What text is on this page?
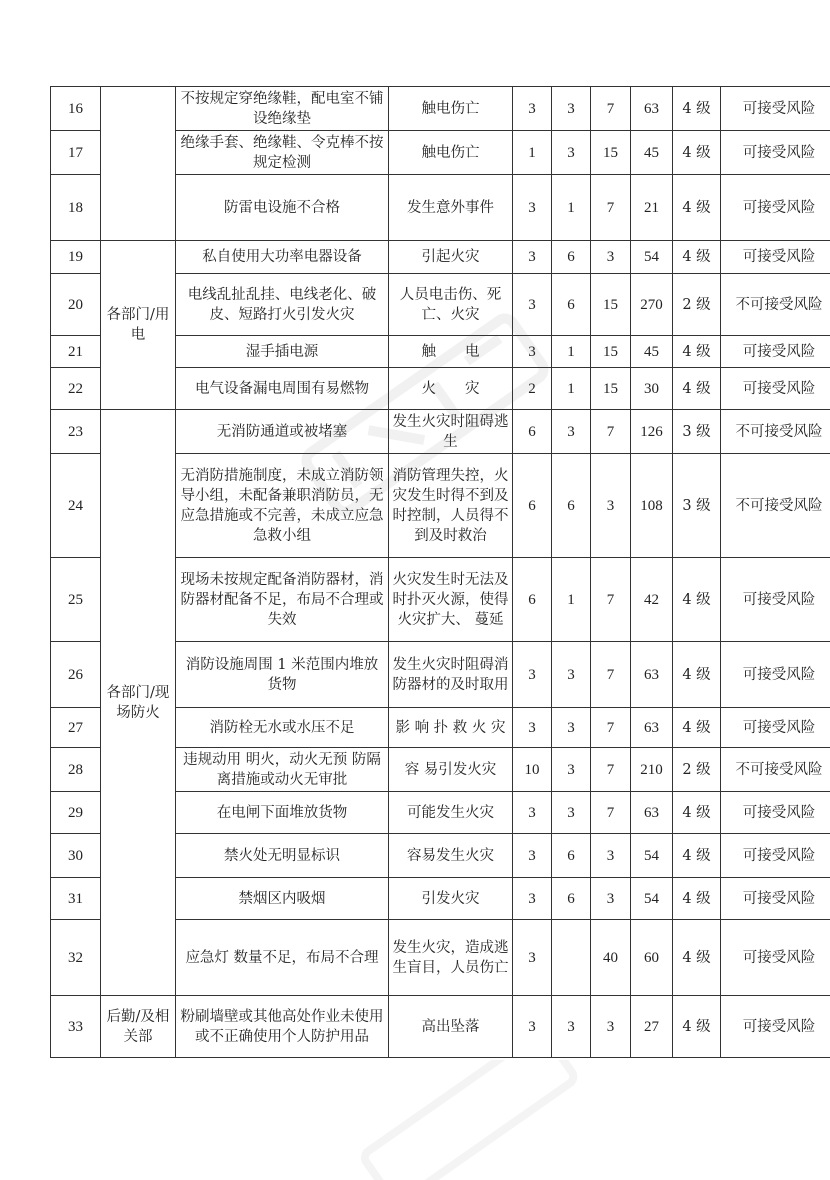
16		不按规定穿绝缘鞋，配电室不铺设绝缘垫	触电伤亡	3	3	7	63	4 级	可接受风险
17		绝缘手套、绝缘鞋、令克棒不按规定检测	触电伤亡	1	3	15	45	4 级	可接受风险
18		防雷电设施不合格	发生意外事件	3	1	7	21	4 级	可接受风险
19	各部门/用电	私自使用大功率电器设备	引起火灾	3	6	3	54	4 级	可接受风险
20		电线乱扯乱挂、电线老化、破皮、短路打火引发火灾	人员电击伤、死亡、火灾	3	6	15	270	2 级	不可接受风险
21		湿手插电源	触　　电	3	1	15	45	4 级	可接受风险
22		电气设备漏电周围有易燃物	火　　灾	2	1	15	30	4 级	可接受风险
23	各部门/现场防火	无消防通道或被堵塞	发生火灾时阻碍逃生	6	3	7	126	3 级	不可接受风险
24		无消防措施制度，未成立消防领导小组，未配备兼职消防员，无应急措施或不完善，未成立应急急救小组	消防管理失控，火灾发生时得不到及时控制，人员得不到及时救治	6	6	3	108	3 级	不可接受风险
25		现场未按规定配备消防器材，消防器材配备不足，布局不合理或失效	火灾发生时无法及时扑灭火源，使得火灾扩大、 蔓延	6	1	7	42	4 级	可接受风险
26		消防设施周围 1 米范围内堆放货物	发生火灾时阻碍消防器材的及时取用	3	3	7	63	4 级	可接受风险
27		消防栓无水或水压不足	影 响 扑 救 火 灾	3	3	7	63	4 级	可接受风险
28		违规动用 明火，动火无预 防隔离措施或动火无审批	容 易引发火灾	10	3	7	210	2 级	不可接受风险
29		在电闸下面堆放货物	可能发生火灾	3	3	7	63	4 级	可接受风险
30		禁火处无明显标识	容易发生火灾	3	6	3	54	4 级	可接受风险
31		禁烟区内吸烟	引发火灾	3	6	3	54	4 级	可接受风险
32		应急灯 数量不足，布局不合理	发生火灾，造成逃生盲目，人员伤亡	3		40	60	4 级	可接受风险
33	后勤/及相关部	粉刷墙壁或其他高处作业未使用或不正确使用个人防护用品	高出坠落	3	3	3	27	4 级	可接受风险
